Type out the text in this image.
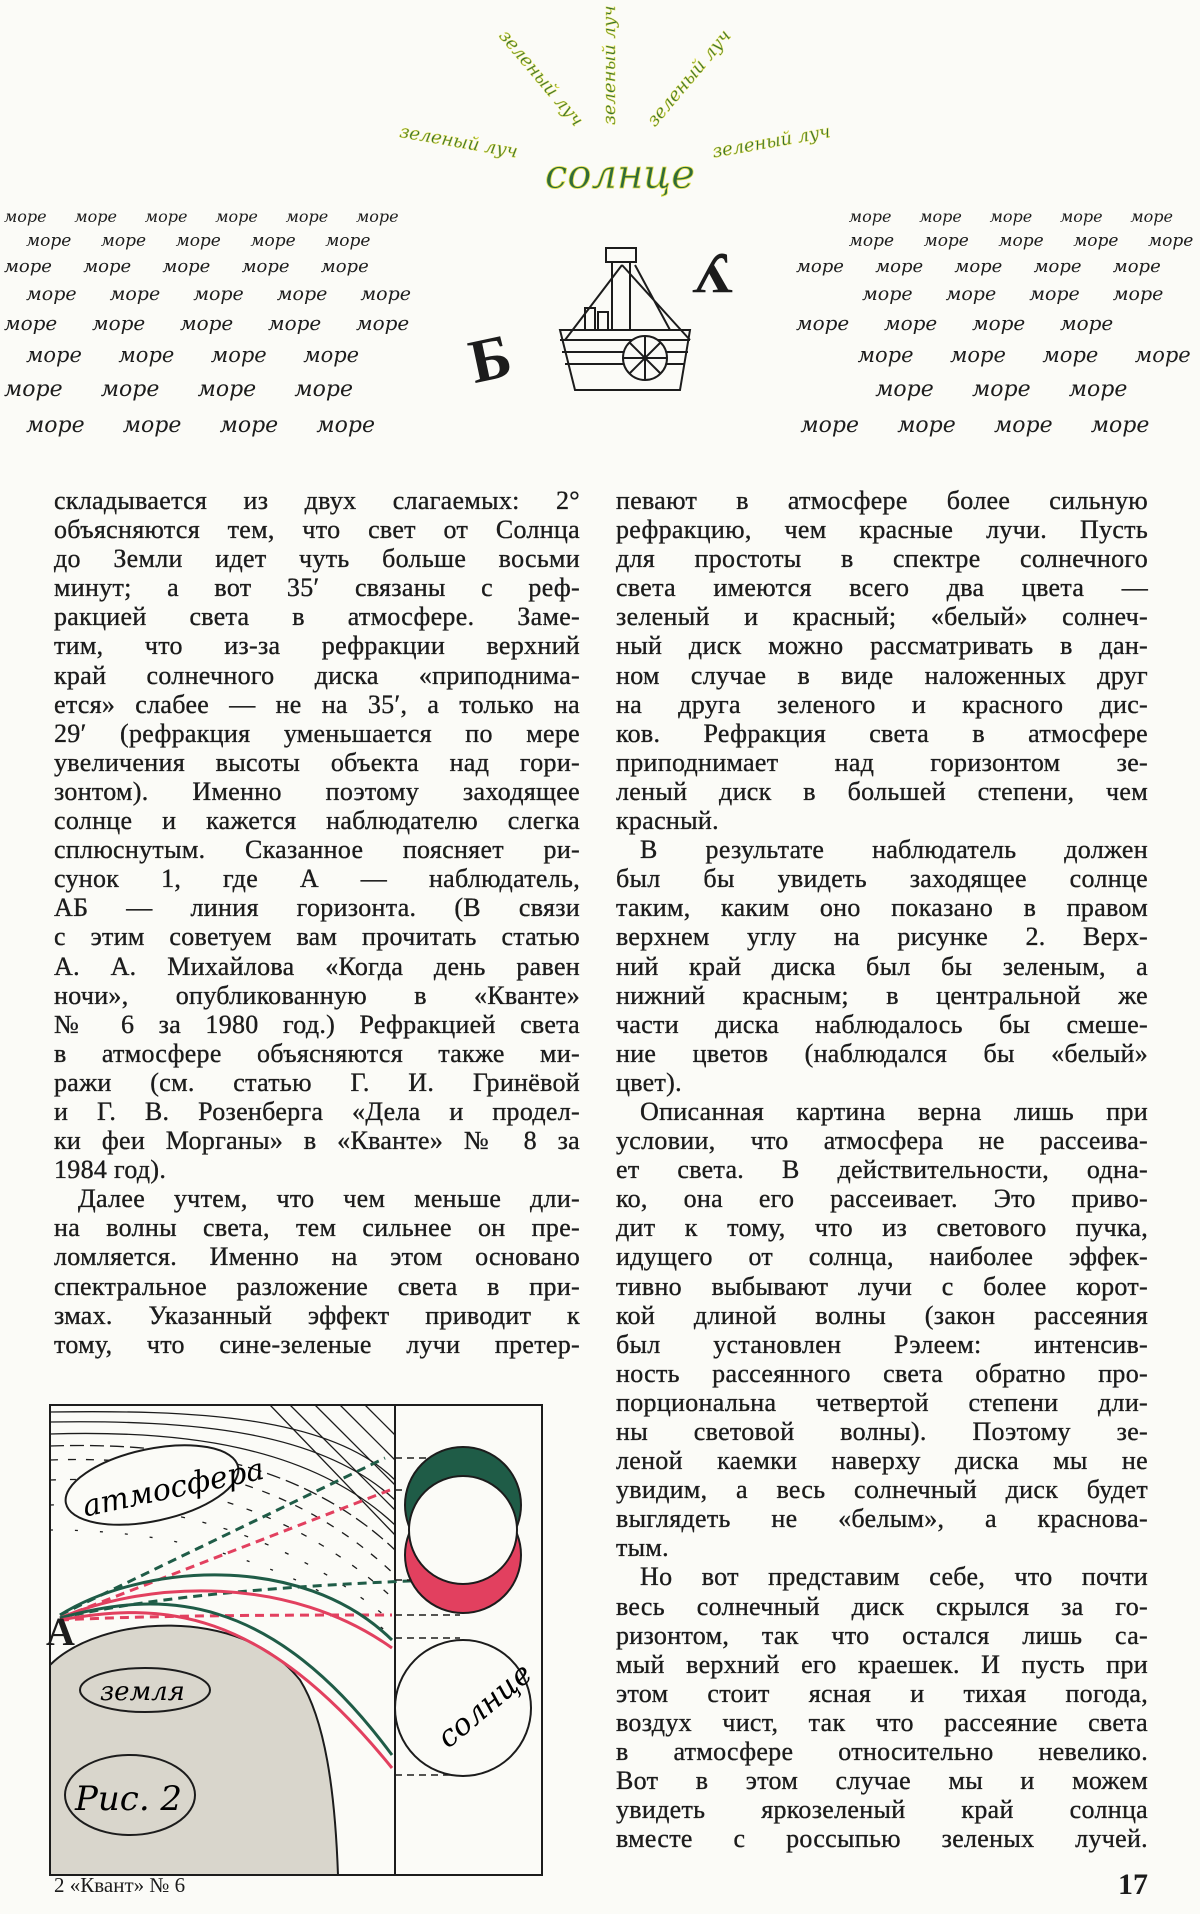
море море море море море море	море море море море море
море море море море море	море море море море море
море море море море море	море море море море море
море море море море море	море море море море
море море море море море	море море море море
море море море море	море море море море
море море море море	море море море
море море море море	море море море море
зеленый луч
зеленый луч зеленый луч зеленый луч
зеленый луч
солнце
Б
У
складывается из двух слагаемых: 2°
объясняются тем, что свет от Солнца
до Земли идет чуть больше восьми
минут; а вот 35′ связаны с реф-
ракцией света в атмосфере. Заме-
тим, что из-за рефракции верхний
край солнечного диска «приподнима-
ется» слабее — не на 35′, а только на
29′ (рефракция уменьшается по мере
увеличения высоты объекта над гори-
зонтом). Именно поэтому заходящее
солнце и кажется наблюдателю слегка
сплюснутым. Сказанное поясняет ри-
сунок 1, где А — наблюдатель,
АБ — линия горизонта. (В связи
с этим советуем вам прочитать статью
А. А. Михайлова «Когда день равен
ночи», опубликованную в «Кванте»
№ 6 за 1980 год.) Рефракцией света
в атмосфере объясняются также ми-
ражи (см. статью Г. И. Гринёвой
и Г. В. Розенберга «Дела и продел-
ки феи Морганы» в «Кванте» № 8 за
1984 год).
Далее учтем, что чем меньше дли-
на волны света, тем сильнее он пре-
ломляется. Именно на этом основано
спектральное разложение света в при-
змах. Указанный эффект приводит к
тому, что сине-зеленые лучи претер-
певают в атмосфере более сильную
рефракцию, чем красные лучи. Пусть
для простоты в спектре солнечного
света имеются всего два цвета —
зеленый и красный; «белый» солнеч-
ный диск можно рассматривать в дан-
ном случае в виде наложенных друг
на друга зеленого и красного дис-
ков. Рефракция света в атмосфере
приподнимает над горизонтом зе-
леный диск в большей степени, чем
красный.
В результате наблюдатель должен
был бы увидеть заходящее солнце
таким, каким оно показано в правом
верхнем углу на рисунке 2. Верх-
ний край диска был бы зеленым, а
нижний красным; в центральной же
части диска наблюдалось бы смеше-
ние цветов (наблюдался бы «белый»
цвет).
Описанная картина верна лишь при
условии, что атмосфера не рассеива-
ет света. В действительности, одна-
ко, она его рассеивает. Это приво-
дит к тому, что из светового пучка,
идущего от солнца, наиболее эффек-
тивно выбывают лучи с более корот-
кой длиной волны (закон рассеяния
был установлен Рэлеем: интенсив-
ность рассеянного света обратно про-
порциональна четвертой степени дли-
ны световой волны). Поэтому зе-
леной каемки наверху диска мы не
увидим, а весь солнечный диск будет
выглядеть не «белым», а краснова-
тым.
Но вот представим себе, что почти
весь солнечный диск скрылся за го-
ризонтом, так что остался лишь са-
мый верхний его краешек. И пусть при
этом стоит ясная и тихая погода,
воздух чист, так что рассеяние света
в атмосфере относительно невелико.
Вот в этом случае мы и можем
увидеть яркозеленый край солнца
вместе с россыпью зеленых лучей.
солнце
атмосфера
земля
Рис. 2
А
2 «Квант» № 6	17
